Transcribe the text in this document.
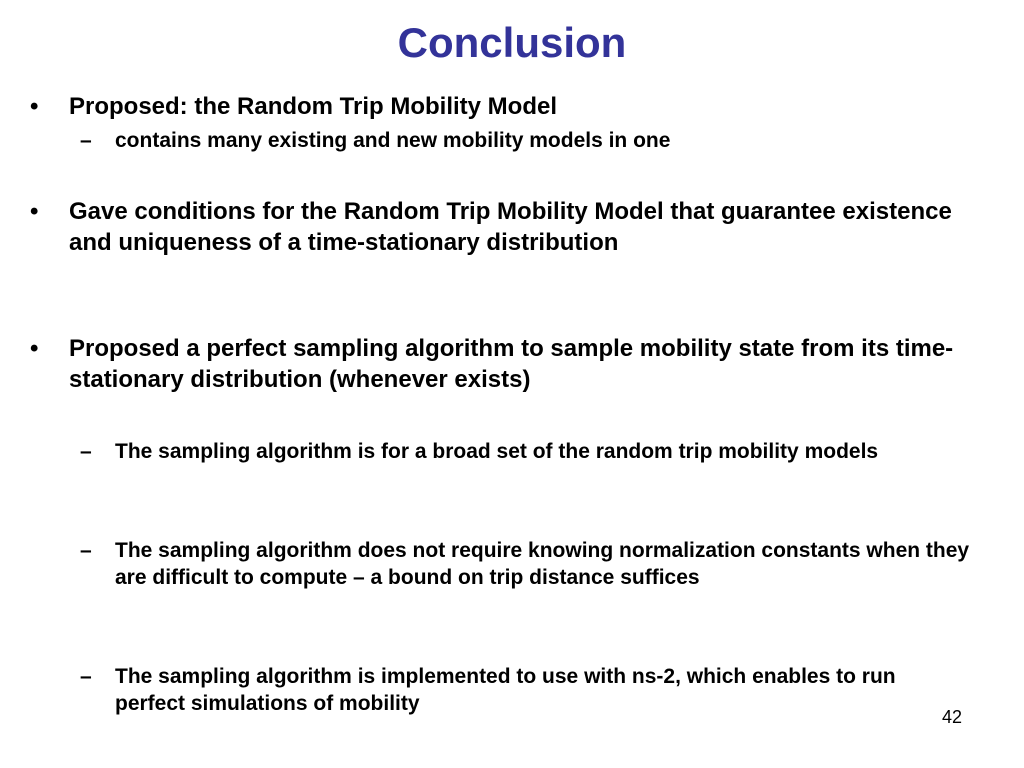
Conclusion
•	Proposed: the Random Trip Mobility Model
–	contains many existing and new mobility models in one
•	Gave conditions for the Random Trip Mobility Model that guarantee existence and uniqueness of a time-stationary distribution
•	Proposed a perfect sampling algorithm to sample mobility state from its time-stationary distribution (whenever exists)
–	The sampling algorithm is for a broad set of the random trip mobility models
–	The sampling algorithm does not require knowing normalization constants when they are difficult to compute – a bound on trip distance suffices
–	The sampling algorithm is implemented to use with ns-2, which enables to run perfect simulations of mobility
42
